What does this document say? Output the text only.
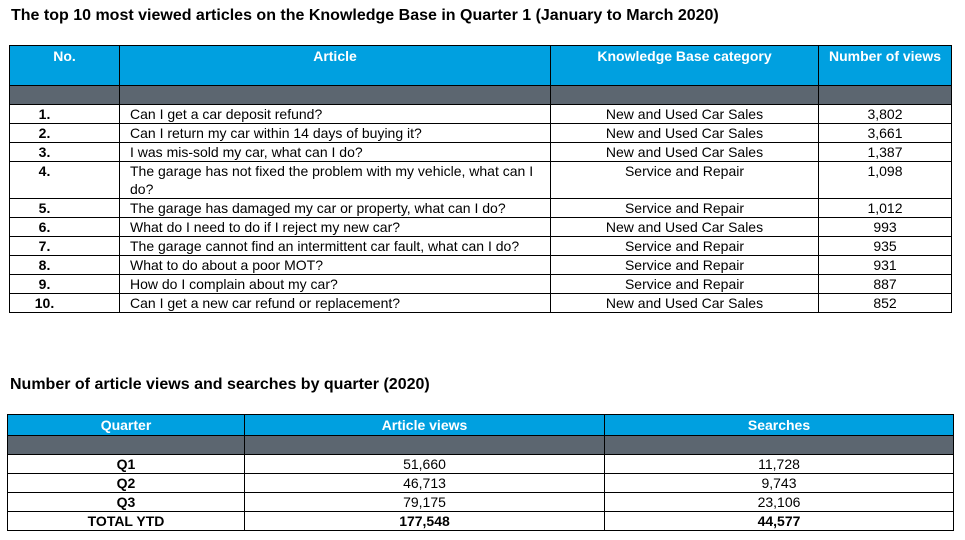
The top 10 most viewed articles on the Knowledge Base in Quarter 1 (January to March 2020)
No.	Article	Knowledge Base category	Number of views

1.	Can I get a car deposit refund?	New and Used Car Sales	3,802
2.	Can I return my car within 14 days of buying it?	New and Used Car Sales	3,661
3.	I was mis-sold my car, what can I do?	New and Used Car Sales	1,387
4.	The garage has not fixed the problem with my vehicle, what can I do?	Service and Repair	1,098
5.	The garage has damaged my car or property, what can I do?	Service and Repair	1,012
6.	What do I need to do if I reject my new car?	New and Used Car Sales	993
7.	The garage cannot find an intermittent car fault, what can I do?	Service and Repair	935
8.	What to do about a poor MOT?	Service and Repair	931
9.	How do I complain about my car?	Service and Repair	887
10.	Can I get a new car refund or replacement?	New and Used Car Sales	852
Number of article views and searches by quarter (2020)
Quarter	Article views	Searches

Q1	51,660	11,728
Q2	46,713	9,743
Q3	79,175	23,106
TOTAL YTD	177,548	44,577
